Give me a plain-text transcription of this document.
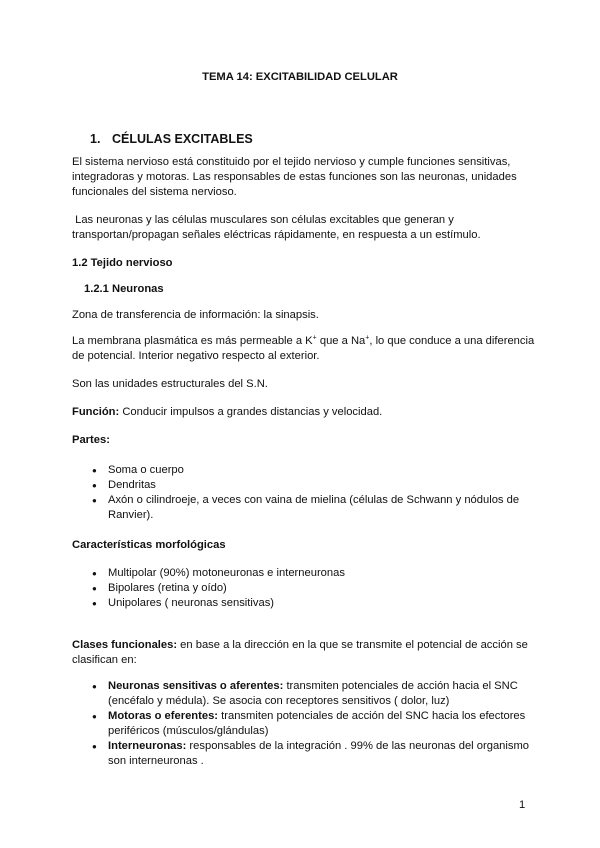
TEMA 14: EXCITABILIDAD CELULAR
1. CÉLULAS EXCITABLES

El sistema nervioso está constituido por el tejido nervioso y cumple funciones sensitivas, integradoras y motoras. Las responsables de estas funciones son las neuronas, unidades funcionales del sistema nervioso.

Las neuronas y las células musculares son células excitables que generan y transportan/propagan señales eléctricas rápidamente, en respuesta a un estímulo.

1.2 Tejido nervioso
1.2.1 Neuronas

Zona de transferencia de información: la sinapsis.

La membrana plasmática es más permeable a K+ que a Na+, lo que conduce a una diferencia de potencial. Interior negativo respecto al exterior.

Son las unidades estructurales del S.N.

Función: Conducir impulsos a grandes distancias y velocidad.

Partes:
● Soma o cuerpo
● Dendritas
● Axón o cilindroeje, a veces con vaina de mielina (células de Schwann y nódulos de Ranvier).
Características morfológicas
● Multipolar (90%) motoneuronas e interneuronas
● Bipolares (retina y oído)
● Unipolares ( neuronas sensitivas)

Clases funcionales: en base a la dirección en la que se transmite el potencial de acción se clasifican en:

● Neuronas sensitivas o aferentes: transmiten potenciales de acción hacia el SNC (encéfalo y médula). Se asocia con receptores sensitivos ( dolor, luz)
● Motoras o eferentes: transmiten potenciales de acción del SNC hacia los efectores periféricos (músculos/glándulas)
● Interneuronas: responsables de la integración . 99% de las neuronas del organismo son interneuronas .
1
